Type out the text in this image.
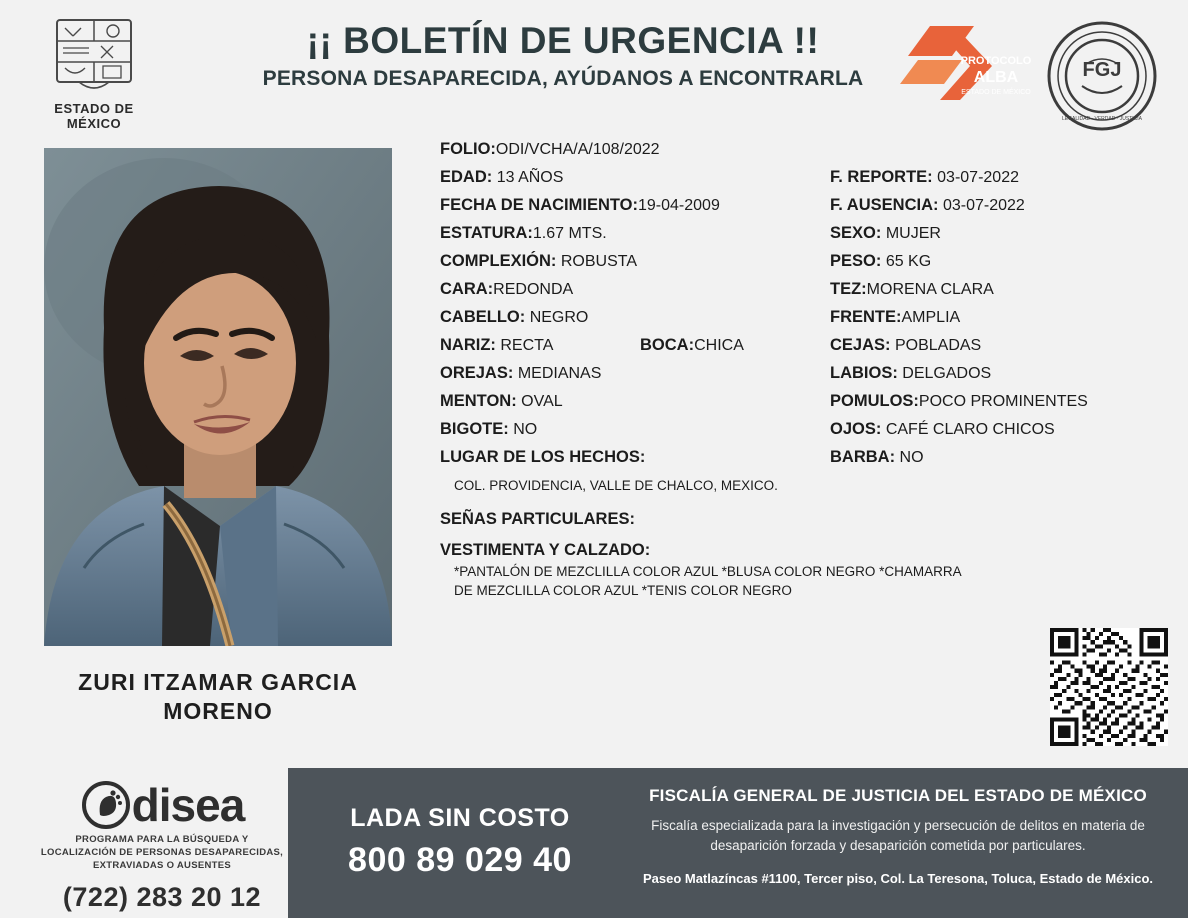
ESTADO DE MÉXICO
¡¡ BOLETÍN DE URGENCIA !!
PERSONA DESAPARECIDA, AYÚDANOS A ENCONTRARLA
PROTOCOLO
ALBA
ESTADO DE MÉXICO
FGJ
LEGALIDAD · VERDAD · JUSTICIA
ZURI ITZAMAR GARCIA MORENO
FOLIO:ODI/VCHA/A/108/2022
EDAD: 13 AÑOS	F. REPORTE: 03-07-2022
FECHA DE NACIMIENTO:19-04-2009	F. AUSENCIA: 03-07-2022
ESTATURA:1.67 MTS.	SEXO: MUJER
COMPLEXIÓN: ROBUSTA	PESO: 65 KG
CARA:REDONDA	TEZ:MORENA CLARA
CABELLO: NEGRO	FRENTE:AMPLIA
NARIZ: RECTA	BOCA:CHICA	CEJAS: POBLADAS
OREJAS: MEDIANAS	LABIOS: DELGADOS
MENTON: OVAL	POMULOS:POCO PROMINENTES
BIGOTE: NO	OJOS: CAFÉ CLARO CHICOS
LUGAR DE LOS HECHOS:	BARBA: NO
COL. PROVIDENCIA, VALLE DE CHALCO, MEXICO.
SEÑAS PARTICULARES:
VESTIMENTA Y CALZADO:
*PANTALÓN DE MEZCLILLA COLOR AZUL *BLUSA COLOR NEGRO *CHAMARRA DE MEZCLILLA COLOR AZUL *TENIS COLOR NEGRO
disea
PROGRAMA PARA LA BÚSQUEDA Y LOCALIZACIÓN DE PERSONAS DESAPARECIDAS, EXTRAVIADAS O AUSENTES
(722) 283 20 12
LADA SIN COSTO
800 89 029 40
FISCALÍA GENERAL DE JUSTICIA DEL ESTADO DE MÉXICO
Fiscalía especializada para la investigación y persecución de delitos en materia de desaparición forzada y desaparición cometida por particulares.
Paseo Matlazíncas #1100, Tercer piso, Col. La Teresona, Toluca, Estado de México.
